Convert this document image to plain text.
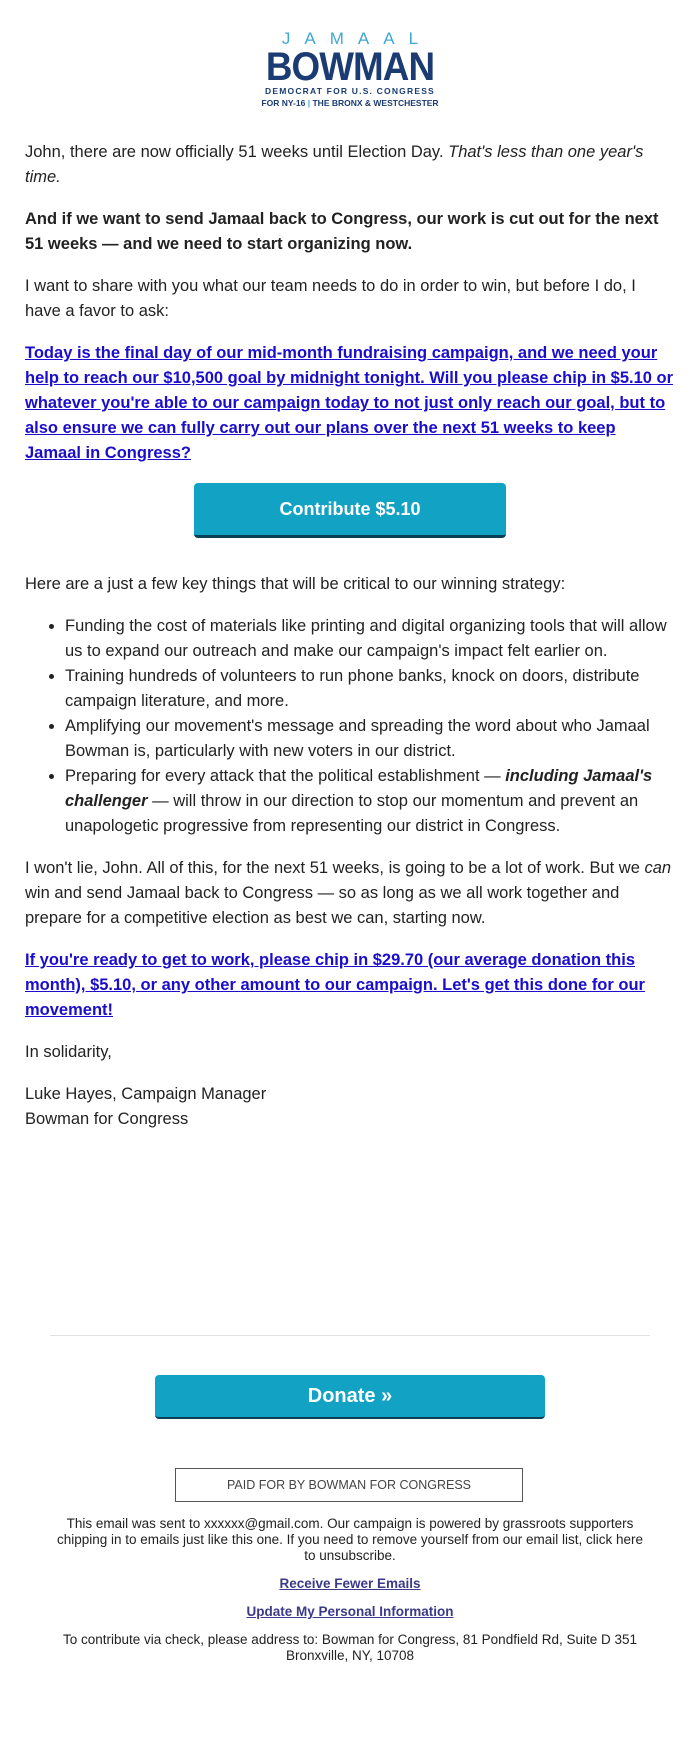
JAMAAL
BOWMAN
DEMOCRAT FOR U.S. CONGRESS
FOR NY-16 | THE BRONX & WESTCHESTER

John, there are now officially 51 weeks until Election Day. That's less than one year's time.

And if we want to send Jamaal back to Congress, our work is cut out for the next 51 weeks — and we need to start organizing now.

I want to share with you what our team needs to do in order to win, but before I do, I have a favor to ask:

Today is the final day of our mid-month fundraising campaign, and we need your help to reach our $10,500 goal by midnight tonight. Will you please chip in $5.10 or whatever you're able to our campaign today to not just only reach our goal, but to also ensure we can fully carry out our plans over the next 51 weeks to keep Jamaal in Congress?

Contribute $5.10

Here are a just a few key things that will be critical to our winning strategy:

• Funding the cost of materials like printing and digital organizing tools that will allow us to expand our outreach and make our campaign's impact felt earlier on.
• Training hundreds of volunteers to run phone banks, knock on doors, distribute campaign literature, and more.
• Amplifying our movement's message and spreading the word about who Jamaal Bowman is, particularly with new voters in our district.
• Preparing for every attack that the political establishment — including Jamaal's challenger — will throw in our direction to stop our momentum and prevent an unapologetic progressive from representing our district in Congress.

I won't lie, John. All of this, for the next 51 weeks, is going to be a lot of work. But we can win and send Jamaal back to Congress — so as long as we all work together and prepare for a competitive election as best we can, starting now.

If you're ready to get to work, please chip in $29.70 (our average donation this month), $5.10, or any other amount to our campaign. Let's get this done for our movement!

In solidarity,

Luke Hayes, Campaign Manager
Bowman for Congress

Donate »
PAID FOR BY BOWMAN FOR CONGRESS

This email was sent to xxxxxx@gmail.com. Our campaign is powered by grassroots supporters chipping in to emails just like this one. If you need to remove yourself from our email list, click here to unsubscribe.

Receive Fewer Emails

Update My Personal Information

To contribute via check, please address to: Bowman for Congress, 81 Pondfield Rd, Suite D 351 Bronxville, NY, 10708
